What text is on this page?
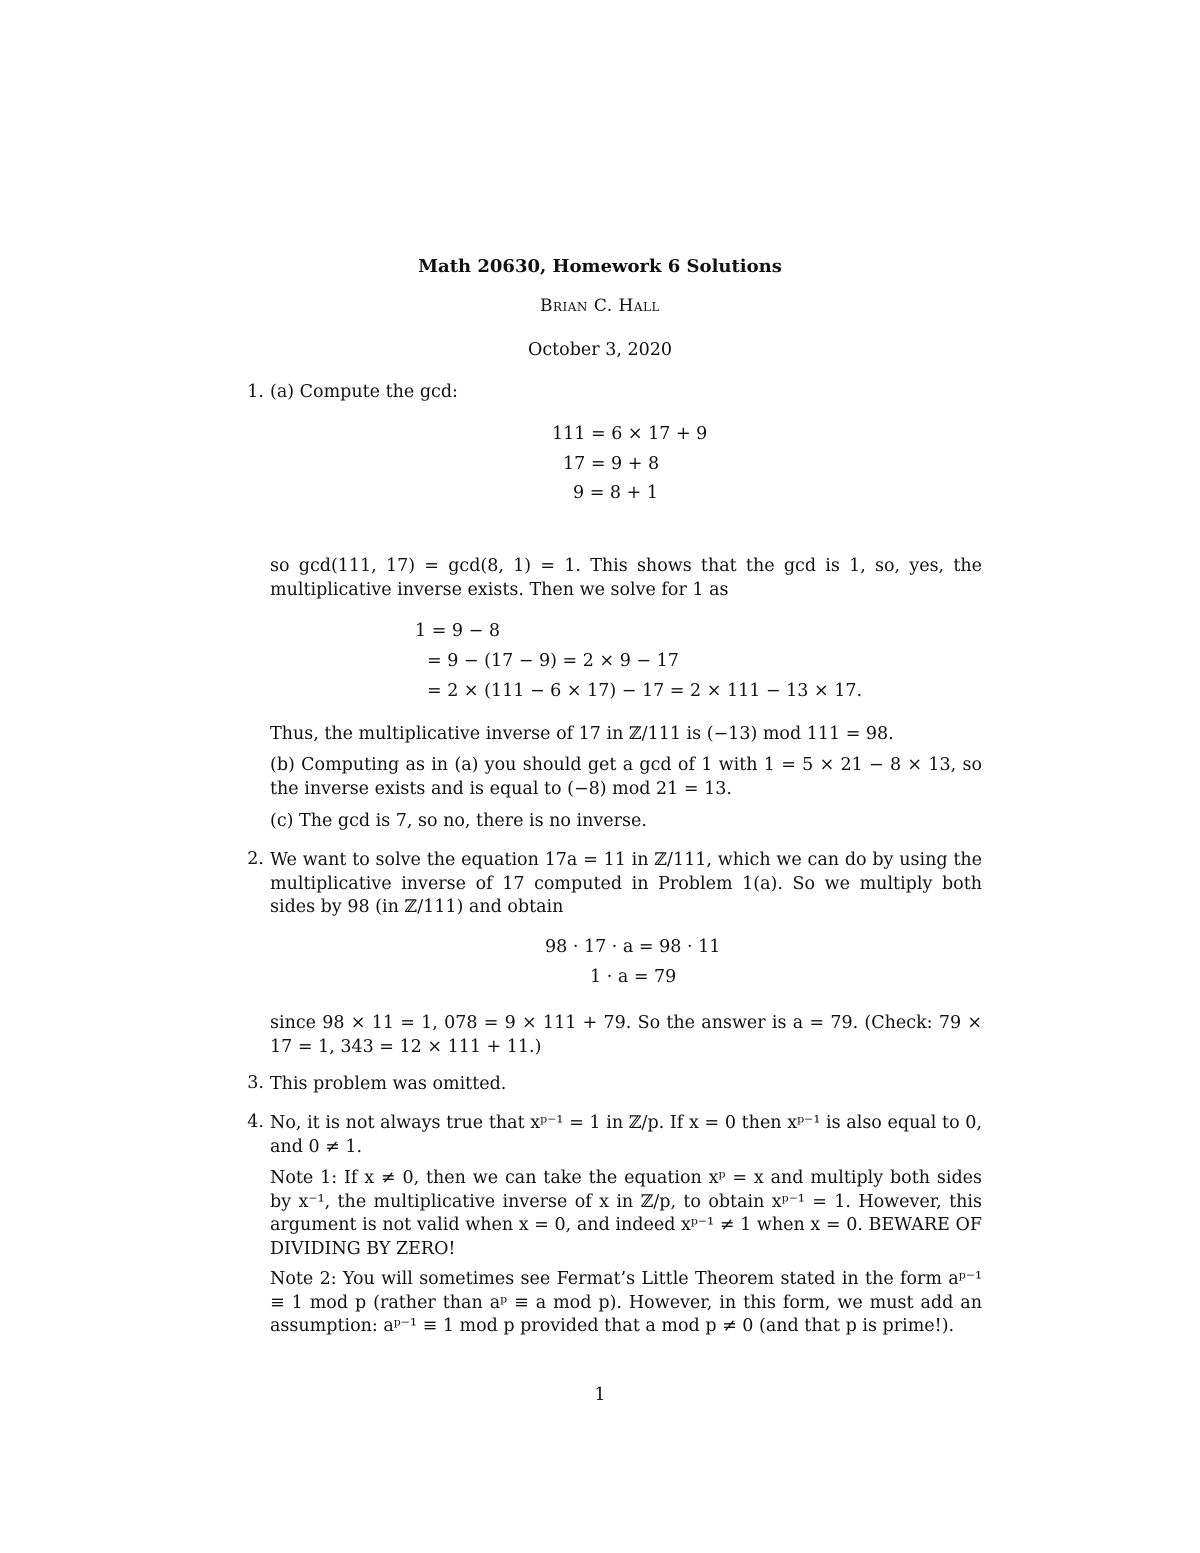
Math 20630, Homework 6 Solutions
Brian C. Hall
October 3, 2020
1. (a) Compute the gcd:
111 = 6 × 17 + 9
17 = 9 + 8
9 = 8 + 1
so gcd(111, 17) = gcd(8, 1) = 1. This shows that the gcd is 1, so, yes, the multiplicative inverse exists. Then we solve for 1 as
1 = 9 − 8
= 9 − (17 − 9) = 2 × 9 − 17
= 2 × (111 − 6 × 17) − 17 = 2 × 111 − 13 × 17.
Thus, the multiplicative inverse of 17 in ℤ/111 is (−13) mod 111 = 98.
(b) Computing as in (a) you should get a gcd of 1 with 1 = 5 × 21 − 8 × 13, so the inverse exists and is equal to (−8) mod 21 = 13.
(c) The gcd is 7, so no, there is no inverse.
2. We want to solve the equation 17a = 11 in ℤ/111, which we can do by using the multiplicative inverse of 17 computed in Problem 1(a). So we multiply both sides by 98 (in ℤ/111) and obtain
98 · 17 · a = 98 · 11
1 · a = 79
since 98 × 11 = 1, 078 = 9 × 111 + 79. So the answer is a = 79. (Check: 79 × 17 = 1, 343 = 12 × 111 + 11.)
3. This problem was omitted.
4. No, it is not always true that xᵖ⁻¹ = 1 in ℤ/p. If x = 0 then xᵖ⁻¹ is also equal to 0, and 0 ≠ 1.
Note 1: If x ≠ 0, then we can take the equation xᵖ = x and multiply both sides by x⁻¹, the multiplicative inverse of x in ℤ/p, to obtain xᵖ⁻¹ = 1. However, this argument is not valid when x = 0, and indeed xᵖ⁻¹ ≠ 1 when x = 0. BEWARE OF DIVIDING BY ZERO!
Note 2: You will sometimes see Fermat’s Little Theorem stated in the form aᵖ⁻¹ ≡ 1 mod p (rather than aᵖ ≡ a mod p). However, in this form, we must add an assumption: aᵖ⁻¹ ≡ 1 mod p provided that a mod p ≠ 0 (and that p is prime!).
1
